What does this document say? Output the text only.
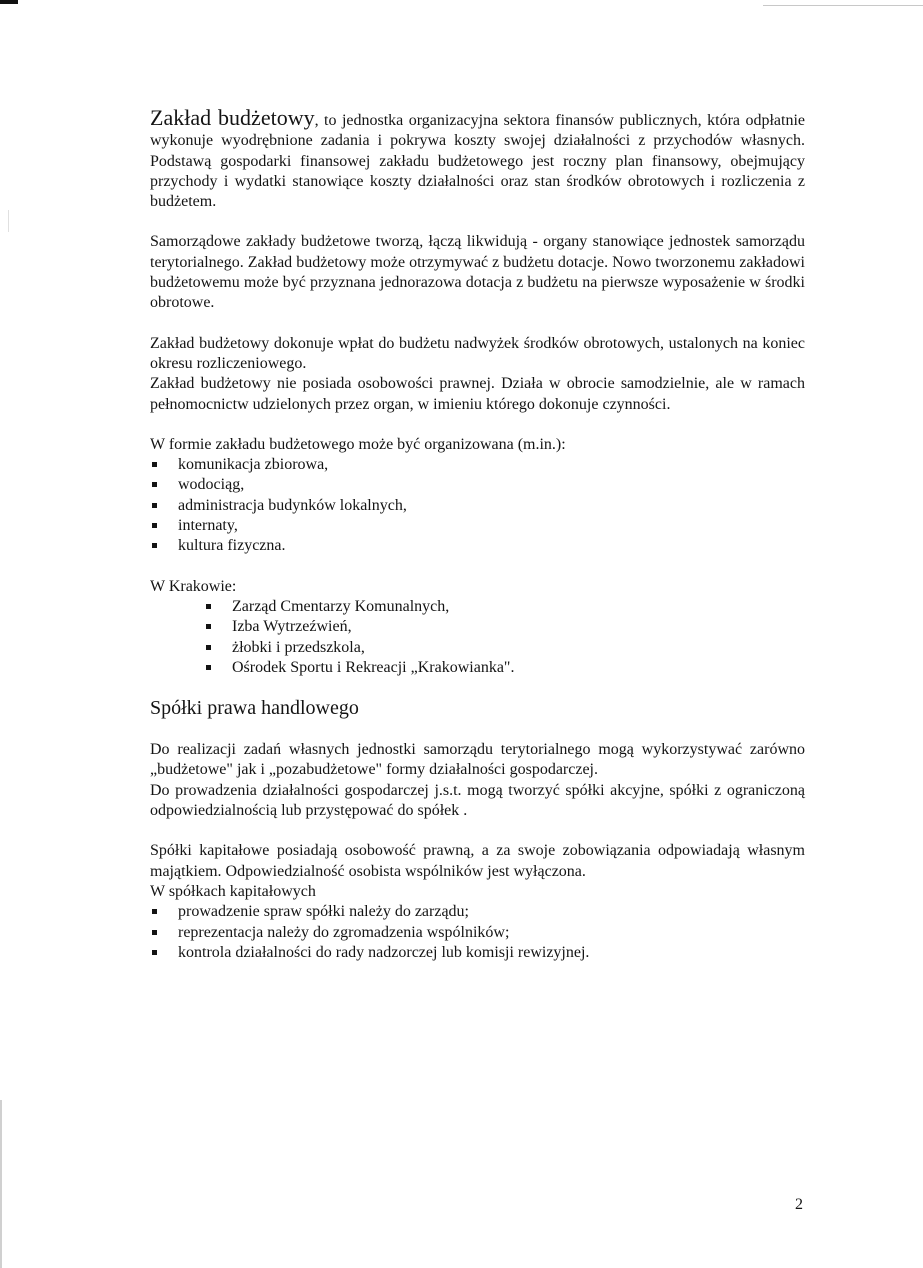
Zakład budżetowy, to jednostka organizacyjna sektora finansów publicznych, która odpłatnie wykonuje wyodrębnione zadania i pokrywa koszty swojej działalności z przychodów własnych. Podstawą gospodarki finansowej zakładu budżetowego jest roczny plan finansowy, obejmujący przychody i wydatki stanowiące koszty działalności oraz stan środków obrotowych i rozliczenia z budżetem.

Samorządowe zakłady budżetowe tworzą, łączą likwidują - organy stanowiące jednostek samorządu terytorialnego. Zakład budżetowy może otrzymywać z budżetu dotacje. Nowo tworzonemu zakładowi budżetowemu może być przyznana jednorazowa dotacja z budżetu na pierwsze wyposażenie w środki obrotowe.

Zakład budżetowy dokonuje wpłat do budżetu nadwyżek środków obrotowych, ustalonych na koniec okresu rozliczeniowego.

Zakład budżetowy nie posiada osobowości prawnej. Działa w obrocie samodzielnie, ale w ramach pełnomocnictw udzielonych przez organ, w imieniu którego dokonuje czynności.

W formie zakładu budżetowego może być organizowana (m.in.):

komunikacja zbiorowa,
wodociąg,
administracja budynków lokalnych,
internaty,
kultura fizyczna.

W Krakowie:

Zarząd Cmentarzy Komunalnych,
Izba Wytrzeźwień,
żłobki i przedszkola,
Ośrodek Sportu i Rekreacji „Krakowianka".
Spółki prawa handlowego

Do realizacji zadań własnych jednostki samorządu terytorialnego mogą wykorzystywać zarówno „budżetowe" jak i „pozabudżetowe" formy działalności gospodarczej.

Do prowadzenia działalności gospodarczej j.s.t. mogą tworzyć spółki akcyjne, spółki z ograniczoną odpowiedzialnością lub przystępować do spółek .

Spółki kapitałowe posiadają osobowość prawną, a za swoje zobowiązania odpowiadają własnym majątkiem. Odpowiedzialność osobista wspólników jest wyłączona.

W spółkach kapitałowych

prowadzenie spraw spółki należy do zarządu;
reprezentacja należy do zgromadzenia wspólników;
kontrola działalności do rady nadzorczej lub komisji rewizyjnej.
2
